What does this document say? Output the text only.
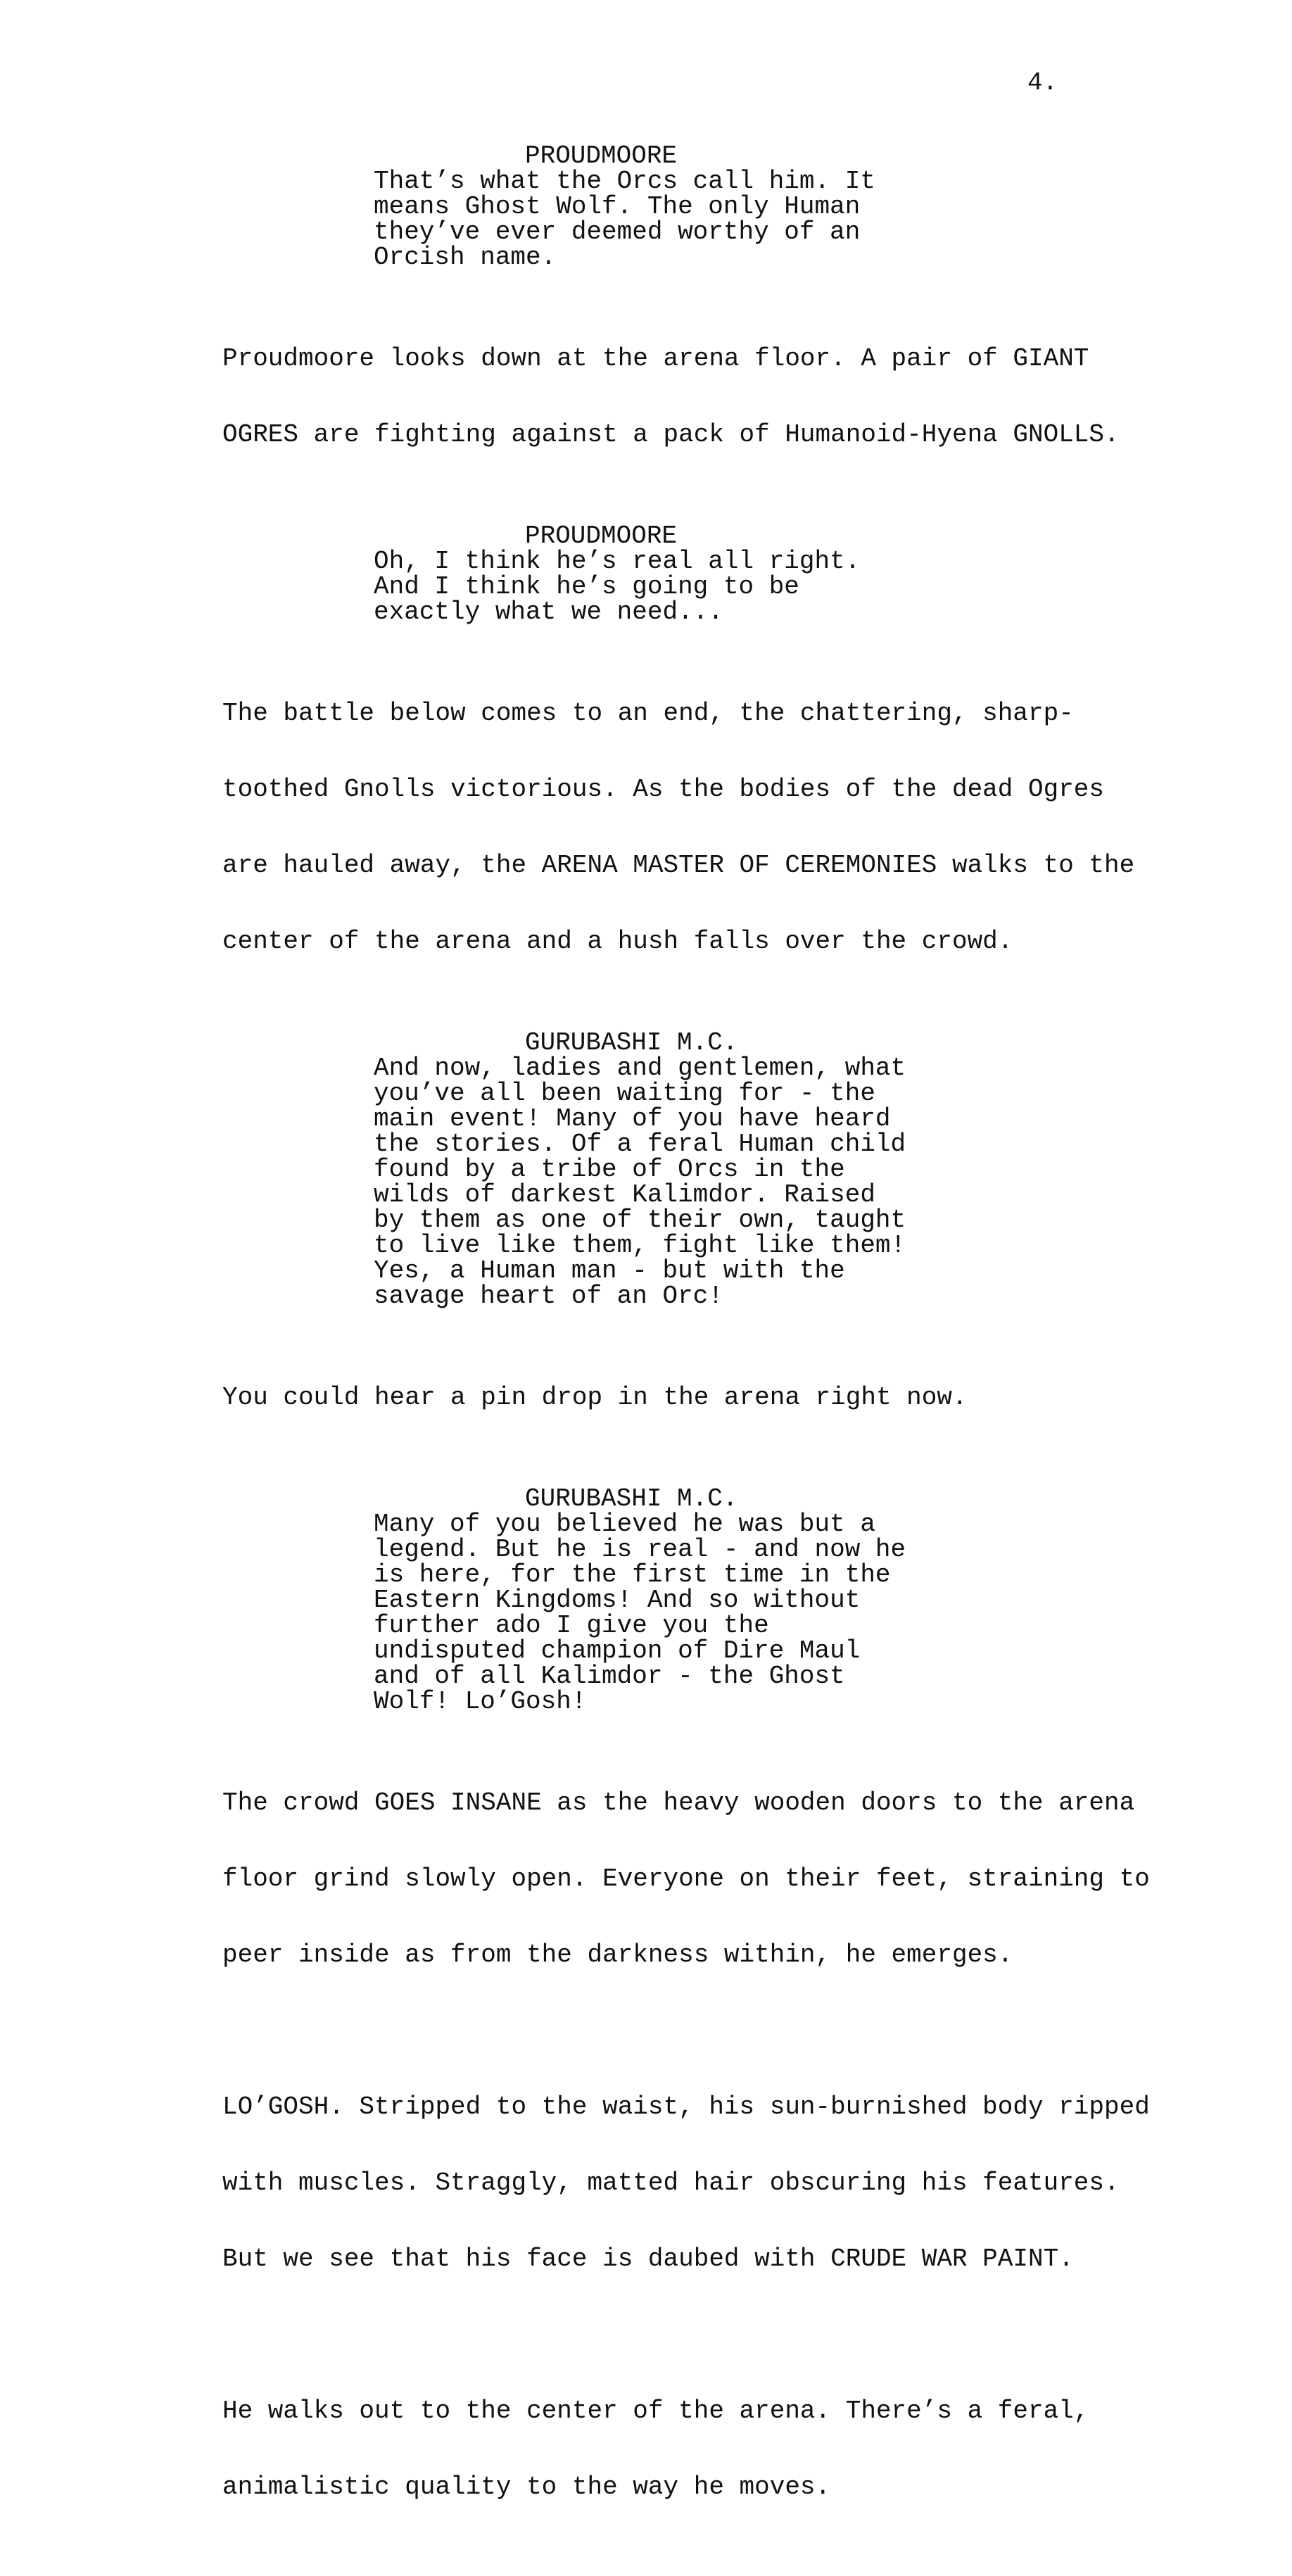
4.
PROUDMOORE
That’s what the Orcs call him. It
means Ghost Wolf. The only Human
they’ve ever deemed worthy of an
Orcish name.

Proudmoore looks down at the arena floor. A pair of GIANT

OGRES are fighting against a pack of Humanoid-Hyena GNOLLS.

PROUDMOORE
Oh, I think he’s real all right.
And I think he’s going to be
exactly what we need...

The battle below comes to an end, the chattering, sharp-

toothed Gnolls victorious. As the bodies of the dead Ogres

are hauled away, the ARENA MASTER OF CEREMONIES walks to the

center of the arena and a hush falls over the crowd.

GURUBASHI M.C.
And now, ladies and gentlemen, what
you’ve all been waiting for - the
main event! Many of you have heard
the stories. Of a feral Human child
found by a tribe of Orcs in the
wilds of darkest Kalimdor. Raised
by them as one of their own, taught
to live like them, fight like them!
Yes, a Human man - but with the
savage heart of an Orc!

You could hear a pin drop in the arena right now.

GURUBASHI M.C.
Many of you believed he was but a
legend. But he is real - and now he
is here, for the first time in the
Eastern Kingdoms! And so without
further ado I give you the
undisputed champion of Dire Maul
and of all Kalimdor - the Ghost
Wolf! Lo’Gosh!

The crowd GOES INSANE as the heavy wooden doors to the arena

floor grind slowly open. Everyone on their feet, straining to

peer inside as from the darkness within, he emerges.

LO’GOSH. Stripped to the waist, his sun-burnished body ripped

with muscles. Straggly, matted hair obscuring his features.

But we see that his face is daubed with CRUDE WAR PAINT.

He walks out to the center of the arena. There’s a feral,

animalistic quality to the way he moves.
